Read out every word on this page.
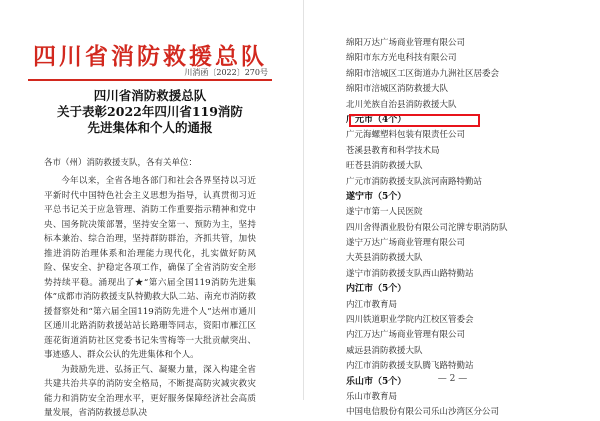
四川省消防救援总队
川消函〔2022〕270号
四川省消防救援总队
关于表彰2022年四川省119消防
先进集体和个人的通报
各市（州）消防救援支队，各有关单位：

今年以来，全省各地各部门和社会各界坚持以习近平新时代中国特色社会主义思想为指导，认真贯彻习近平总书记关于应急管理、消防工作重要指示精神和党中央、国务院决策部署，坚持安全第一、预防为主，坚持标本兼治、综合治理，坚持群防群治，齐抓共管，加快推进消防治理体系和治理能力现代化，扎实做好防风险、保安全、护稳定各项工作，确保了全省消防安全形势持续平稳。涌现出了★“第六届全国119消防先进集体”成都市消防救援支队特勤救大队二站、南充市消防救援督察处和“第六届全国119消防先进个人”达州市通川区通川北路消防救援站站长路珊等同志，资阳市雁江区莲花街道消防社区党委书记朱雪梅等一大批贡献突出、事迹感人、群众公认的先进集体和个人。

为鼓励先进、弘扬正气、凝聚力量，深入构建全省共建共治共享的消防安全格局，不断提高防灾减灾救灾能力和消防安全治理水平，更好服务保障经济社会高质量发展，省消防救援总队决

绵阳万达广场商业管理有限公司
绵阳市东方光电科技有限公司
绵阳市涪城区工区街道办九洲社区居委会
绵阳市涪城区消防救援大队
北川羌族自治县消防救援大队
广元市（4个）
广元海螺塑料包装有限责任公司
苍溪县教育和科学技术局
旺苍县消防救援大队
广元市消防救援支队滨河南路特勤站
遂宁市（5个）
遂宁市第一人民医院
四川舍得酒业股份有限公司沱牌专职消防队
遂宁万达广场商业管理有限公司
大英县消防救援大队
遂宁市消防救援支队西山路特勤站
内江市（5个）
内江市教育局
四川铁道职业学院内江校区管委会
内江万达广场商业管理有限公司
威远县消防救援大队
内江市消防救援支队腾飞路特勤站
乐山市（5个）
乐山市教育局
中国电信股份有限公司乐山沙湾区分公司
— 2 —
